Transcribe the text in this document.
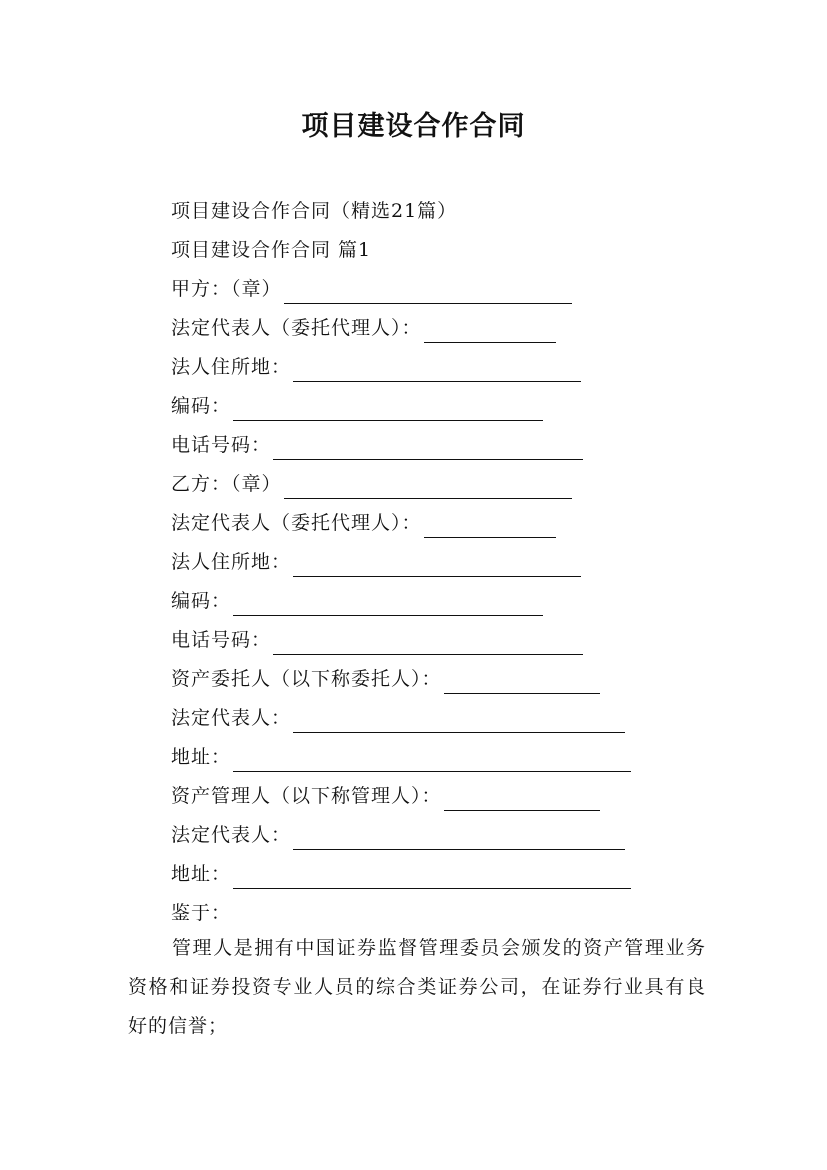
项目建设合作合同
项目建设合作合同（精选21篇）
项目建设合作合同 篇1
甲方：（章）
法定代表人（委托代理人）：
法人住所地：
编码：
电话号码：
乙方：（章）
法定代表人（委托代理人）：
法人住所地：
编码：
电话号码：
资产委托人（以下称委托人）：
法定代表人：
地址：
资产管理人（以下称管理人）：
法定代表人：
地址：
鉴于：
管理人是拥有中国证券监督管理委员会颁发的资产管理业务资格和证券投资专业人员的综合类证券公司，在证券行业具有良好的信誉；
